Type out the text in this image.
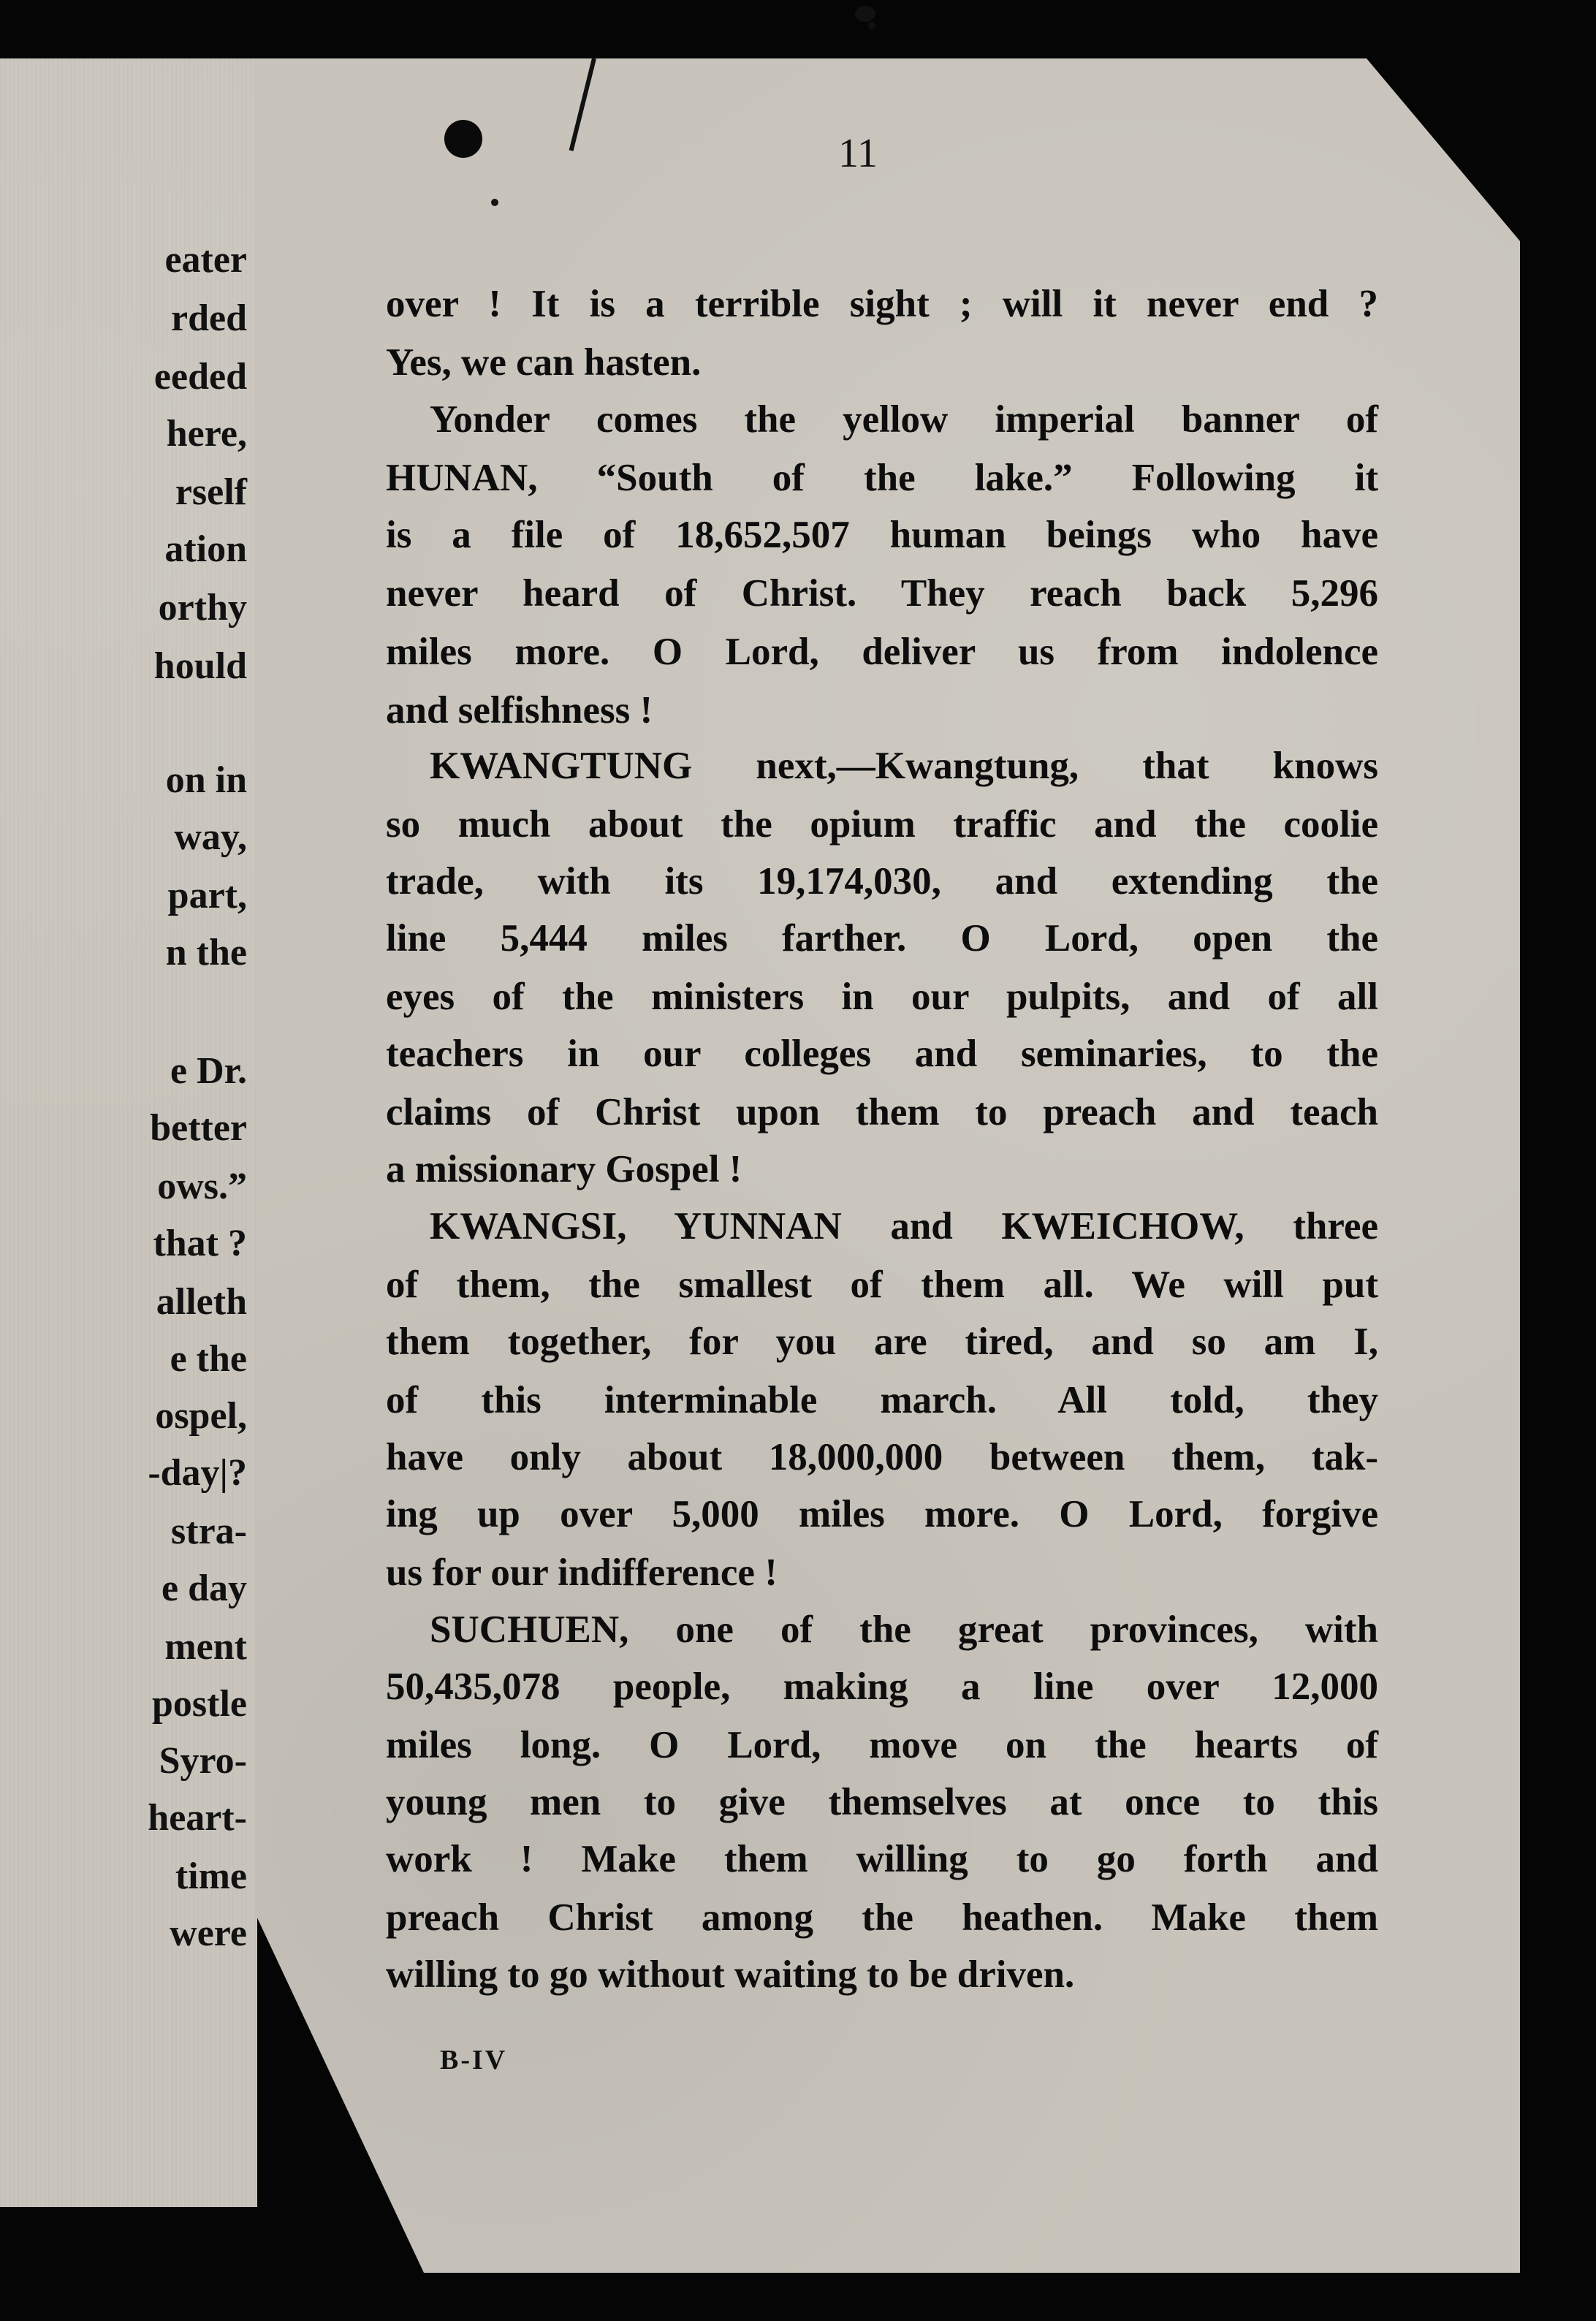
eater
rded
eeded
here,
rself
ation
orthy
hould
on in
way,
part,
n the
e Dr.
better
ows.”
that ?
alleth
e the
ospel,
-day|?
stra-
e day
ment
postle
Syro-
heart-
time
were
11
over ! It is a terrible sight ; will it never end ?
Yes, we can hasten.
Yonder comes the yellow imperial banner of
HUNAN, “South of the lake.” Following it
is a file of 18,652,507 human beings who have
never heard of Christ. They reach back 5,296
miles more. O Lord, deliver us from indolence
and selfishness !
KWANGTUNG next,—Kwangtung, that knows
so much about the opium traffic and the coolie
trade, with its 19,174,030, and extending the
line 5,444 miles farther. O Lord, open the
eyes of the ministers in our pulpits, and of all
teachers in our colleges and seminaries, to the
claims of Christ upon them to preach and teach
a missionary Gospel !
KWANGSI, YUNNAN and KWEICHOW, three
of them, the smallest of them all. We will put
them together, for you are tired, and so am I,
of this interminable march. All told, they
have only about 18,000,000 between them, tak-
ing up over 5,000 miles more. O Lord, forgive
us for our indifference !
SUCHUEN, one of the great provinces, with
50,435,078 people, making a line over 12,000
miles long. O Lord, move on the hearts of
young men to give themselves at once to this
work ! Make them willing to go forth and
preach Christ among the heathen. Make them
willing to go without waiting to be driven.
B-IV
